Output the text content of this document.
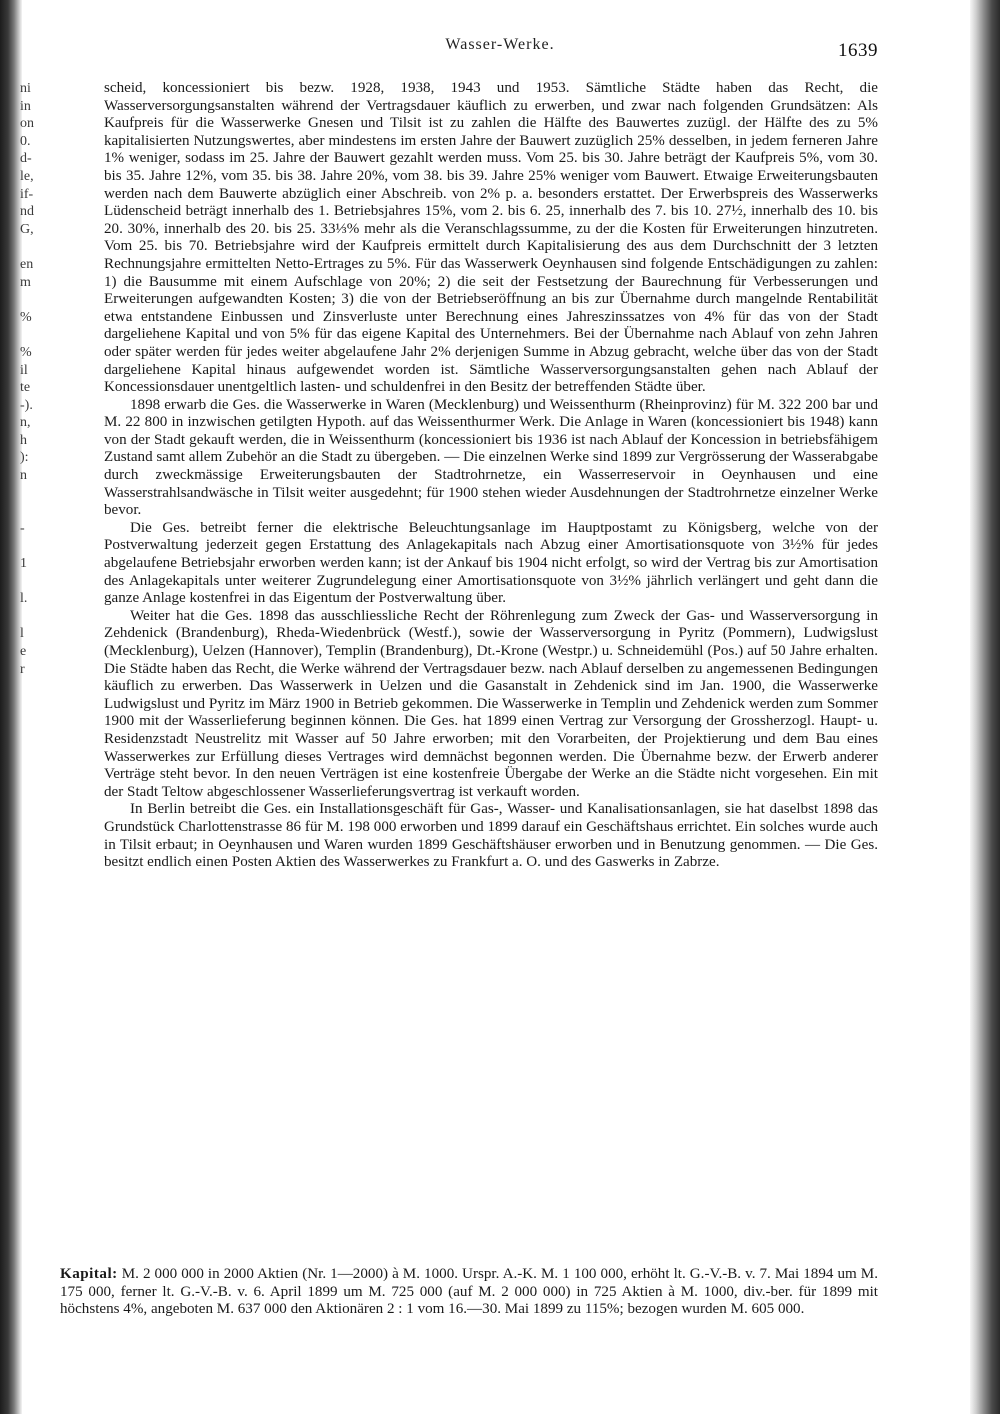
ni
in
on
0.
d-
le,
if-
nd
G,
en
m
%
%
il
te
-).
n,
h
):
n
-
1
l.
l
e
r
Wasser-Werke.	1639

scheid, koncessioniert bis bezw. 1928, 1938, 1943 und 1953. Sämtliche Städte haben das Recht, die Wasserversorgungsanstalten während der Vertragsdauer käuflich zu erwerben, und zwar nach folgenden Grundsätzen: Als Kaufpreis für die Wasserwerke Gnesen und Tilsit ist zu zahlen die Hälfte des Bauwertes zuzügl. der Hälfte des zu 5% kapitalisierten Nutzungswertes, aber mindestens im ersten Jahre der Bauwert zuzüglich 25% desselben, in jedem ferneren Jahre 1% weniger, sodass im 25. Jahre der Bauwert gezahlt werden muss. Vom 25. bis 30. Jahre beträgt der Kaufpreis 5%, vom 30. bis 35. Jahre 12%, vom 35. bis 38. Jahre 20%, vom 38. bis 39. Jahre 25% weniger vom Bauwert. Etwaige Erweiterungsbauten werden nach dem Bauwerte abzüglich einer Abschreib. von 2% p. a. besonders erstattet. Der Erwerbspreis des Wasserwerks Lüdenscheid beträgt innerhalb des 1. Betriebsjahres 15%, vom 2. bis 6. 25, innerhalb des 7. bis 10. 27½, innerhalb des 10. bis 20. 30%, innerhalb des 20. bis 25. 33⅓% mehr als die Veranschlagssumme, zu der die Kosten für Erweiterungen hinzutreten. Vom 25. bis 70. Betriebsjahre wird der Kaufpreis ermittelt durch Kapitalisierung des aus dem Durchschnitt der 3 letzten Rechnungsjahre ermittelten Netto-Ertrages zu 5%. Für das Wasserwerk Oeynhausen sind folgende Entschädigungen zu zahlen: 1) die Bausumme mit einem Aufschlage von 20%; 2) die seit der Festsetzung der Baurechnung für Verbesserungen und Erweiterungen aufgewandten Kosten; 3) die von der Betriebseröffnung an bis zur Übernahme durch mangelnde Rentabilität etwa entstandene Einbussen und Zinsverluste unter Berechnung eines Jahreszinssatzes von 4% für das von der Stadt dargeliehene Kapital und von 5% für das eigene Kapital des Unternehmers. Bei der Übernahme nach Ablauf von zehn Jahren oder später werden für jedes weiter abgelaufene Jahr 2% derjenigen Summe in Abzug gebracht, welche über das von der Stadt dargeliehene Kapital hinaus aufgewendet worden ist. Sämtliche Wasserversorgungsanstalten gehen nach Ablauf der Koncessionsdauer unentgeltlich lasten- und schuldenfrei in den Besitz der betreffenden Städte über.

1898 erwarb die Ges. die Wasserwerke in Waren (Mecklenburg) und Weissenthurm (Rheinprovinz) für M. 322 200 bar und M. 22 800 in inzwischen getilgten Hypoth. auf das Weissenthurmer Werk. Die Anlage in Waren (koncessioniert bis 1948) kann von der Stadt gekauft werden, die in Weissenthurm (koncessioniert bis 1936 ist nach Ablauf der Koncession in betriebsfähigem Zustand samt allem Zubehör an die Stadt zu übergeben. — Die einzelnen Werke sind 1899 zur Vergrösserung der Wasserabgabe durch zweckmässige Erweiterungsbauten der Stadtrohrnetze, ein Wasserreservoir in Oeynhausen und eine Wasserstrahlsandwäsche in Tilsit weiter ausgedehnt; für 1900 stehen wieder Ausdehnungen der Stadtrohrnetze einzelner Werke bevor.

Die Ges. betreibt ferner die elektrische Beleuchtungsanlage im Hauptpostamt zu Königsberg, welche von der Postverwaltung jederzeit gegen Erstattung des Anlagekapitals nach Abzug einer Amortisationsquote von 3½% für jedes abgelaufene Betriebsjahr erworben werden kann; ist der Ankauf bis 1904 nicht erfolgt, so wird der Vertrag bis zur Amortisation des Anlagekapitals unter weiterer Zugrundelegung einer Amortisationsquote von 3½% jährlich verlängert und geht dann die ganze Anlage kostenfrei in das Eigentum der Postverwaltung über.

Weiter hat die Ges. 1898 das ausschliessliche Recht der Röhrenlegung zum Zweck der Gas- und Wasserversorgung in Zehdenick (Brandenburg), Rheda-Wiedenbrück (Westf.), sowie der Wasserversorgung in Pyritz (Pommern), Ludwigslust (Mecklenburg), Uelzen (Hannover), Templin (Brandenburg), Dt.-Krone (Westpr.) u. Schneidemühl (Pos.) auf 50 Jahre erhalten. Die Städte haben das Recht, die Werke während der Vertragsdauer bezw. nach Ablauf derselben zu angemessenen Bedingungen käuflich zu erwerben. Das Wasserwerk in Uelzen und die Gasanstalt in Zehdenick sind im Jan. 1900, die Wasserwerke Ludwigslust und Pyritz im März 1900 in Betrieb gekommen. Die Wasserwerke in Templin und Zehdenick werden zum Sommer 1900 mit der Wasserlieferung beginnen können. Die Ges. hat 1899 einen Vertrag zur Versorgung der Grossherzogl. Haupt- u. Residenzstadt Neustrelitz mit Wasser auf 50 Jahre erworben; mit den Vorarbeiten, der Projektierung und dem Bau eines Wasserwerkes zur Erfüllung dieses Vertrages wird demnächst begonnen werden. Die Übernahme bezw. der Erwerb anderer Verträge steht bevor. In den neuen Verträgen ist eine kostenfreie Übergabe der Werke an die Städte nicht vorgesehen. Ein mit der Stadt Teltow abgeschlossener Wasserlieferungsvertrag ist verkauft worden.

In Berlin betreibt die Ges. ein Installationsgeschäft für Gas-, Wasser- und Kanalisationsanlagen, sie hat daselbst 1898 das Grundstück Charlottenstrasse 86 für M. 198 000 erworben und 1899 darauf ein Geschäftshaus errichtet. Ein solches wurde auch in Tilsit erbaut; in Oeynhausen und Waren wurden 1899 Geschäftshäuser erworben und in Benutzung genommen. — Die Ges. besitzt endlich einen Posten Aktien des Wasserwerkes zu Frankfurt a. O. und des Gaswerks in Zabrze.

Kapital: M. 2 000 000 in 2000 Aktien (Nr. 1—2000) à M. 1000. Urspr. A.-K. M. 1 100 000, erhöht lt. G.-V.-B. v. 7. Mai 1894 um M. 175 000, ferner lt. G.-V.-B. v. 6. April 1899 um M. 725 000 (auf M. 2 000 000) in 725 Aktien à M. 1000, div.-ber. für 1899 mit höchstens 4%, angeboten M. 637 000 den Aktionären 2 : 1 vom 16.—30. Mai 1899 zu 115%; bezogen wurden M. 605 000.
